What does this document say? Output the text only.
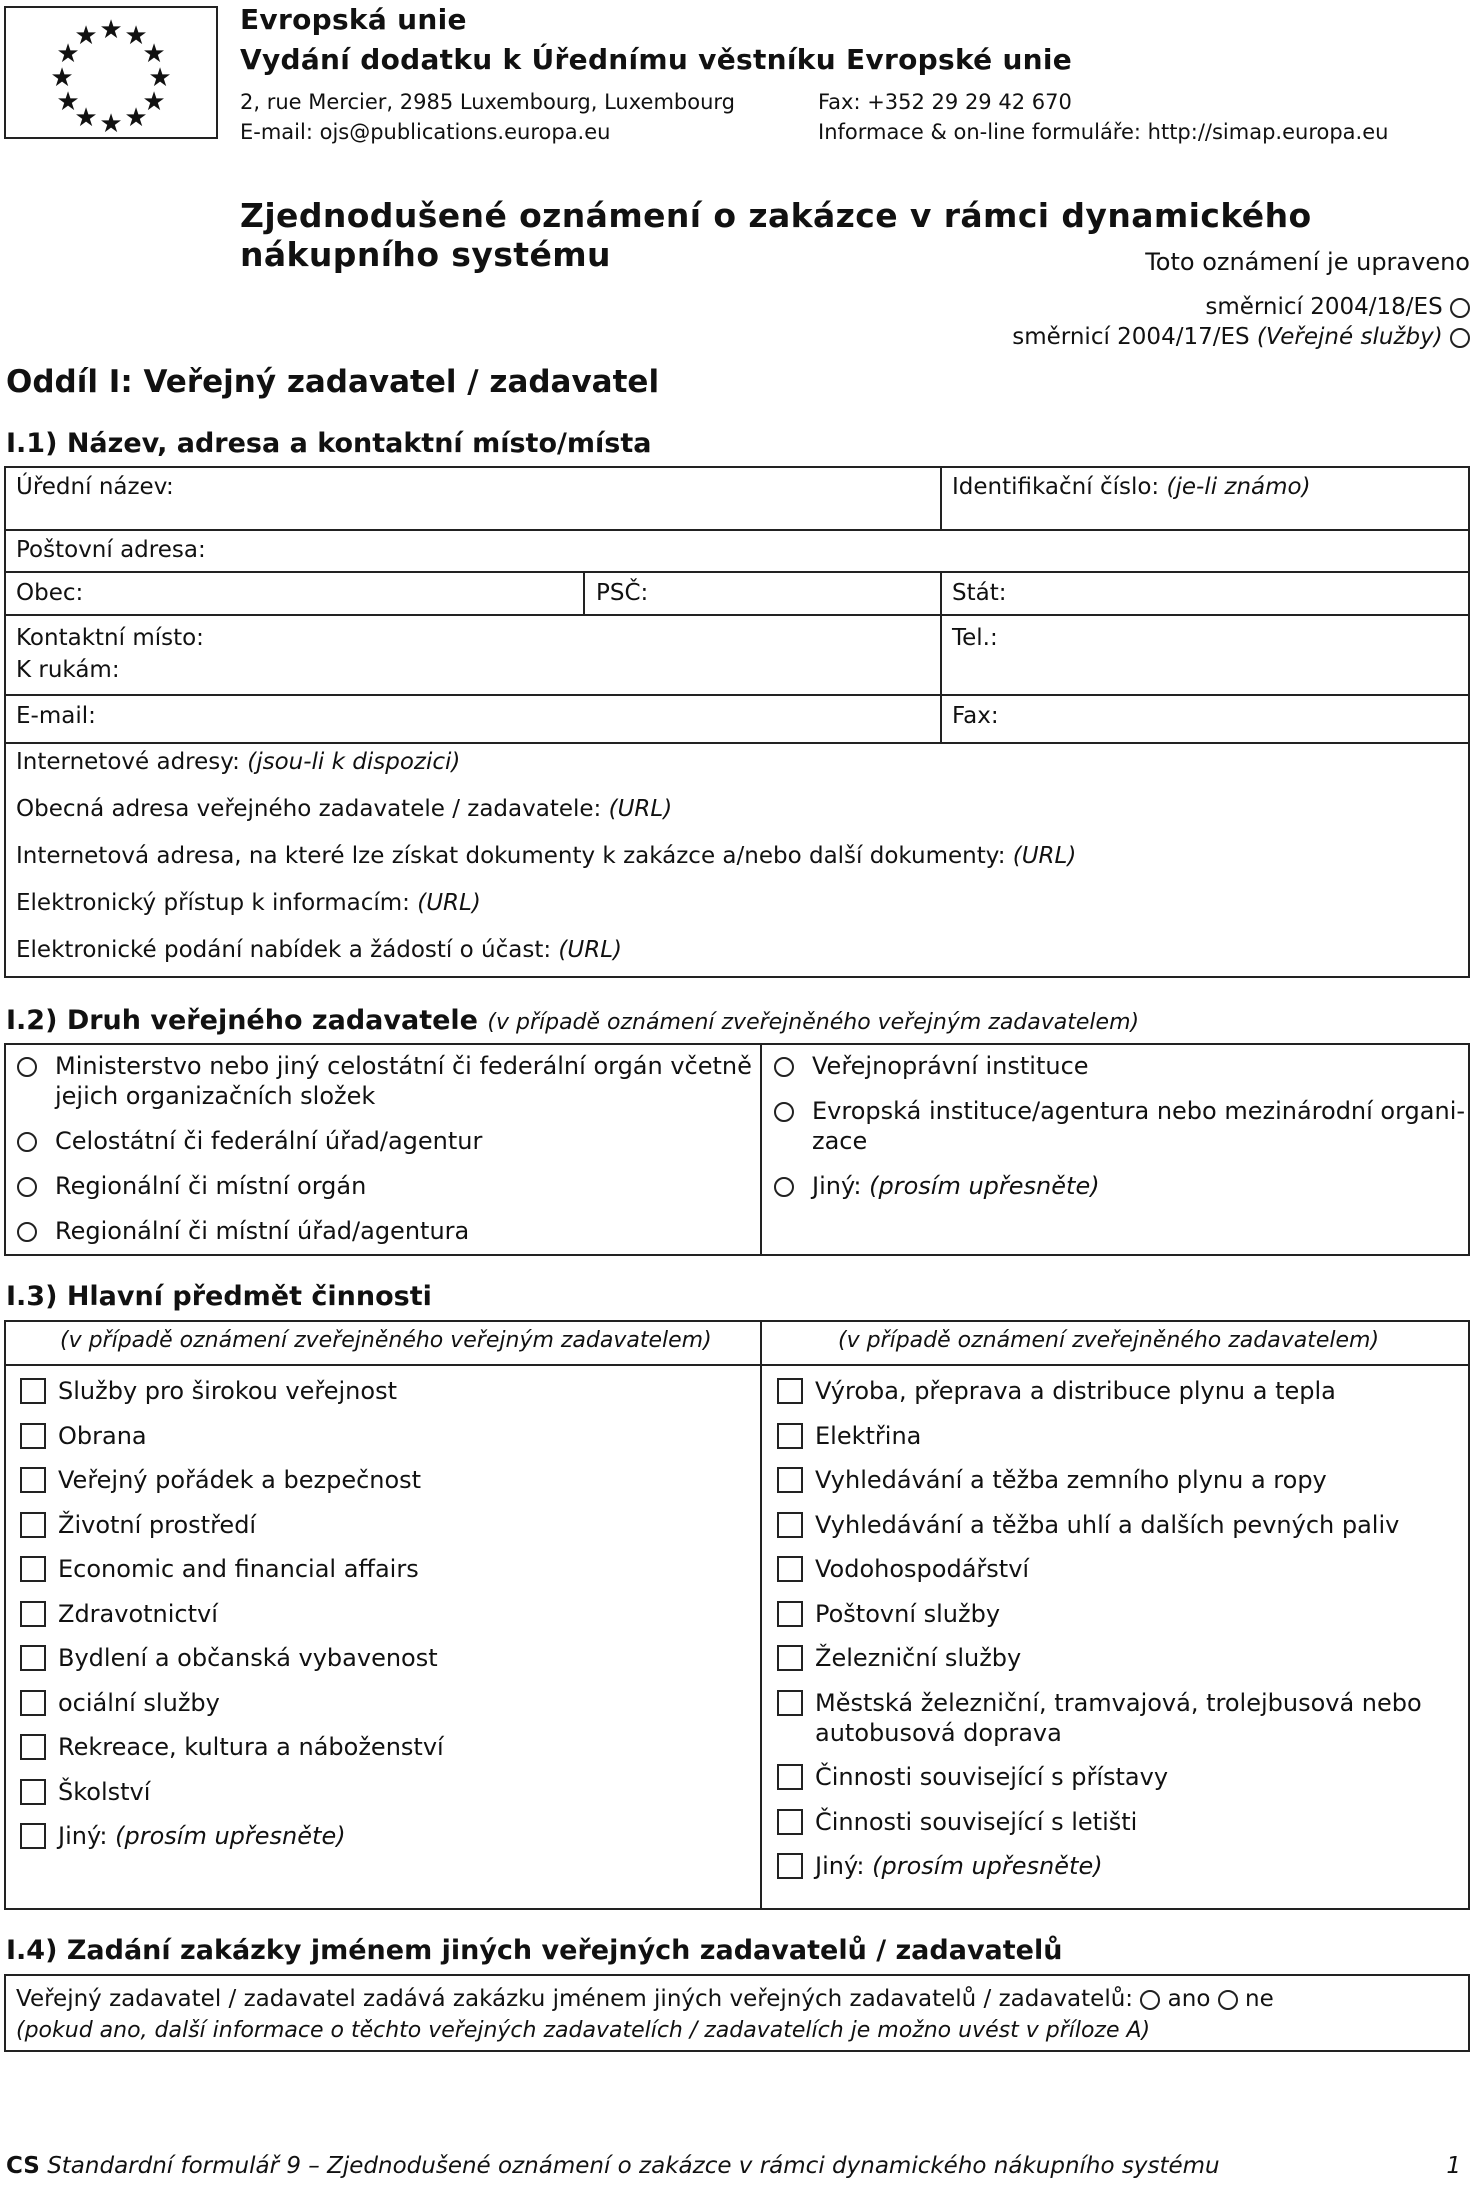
★ ★
★
★
★
★
★
★
★
★
★
★	Evropská unie
Vydání dodatku k Úřednímu věstníku Evropské unie
2, rue Mercier, 2985 Luxembourg, Luxembourg
E-mail: ojs@publications.europa.eu
Fax: +352 29 29 42 670
Informace & on-line formuláře: http://simap.europa.eu
Zjednodušené oznámení o zakázce v rámci dynamického nákupního systému	Toto oznámení je upraveno
směrnicí 2004/18/ES
směrnicí 2004/17/ES (Veřejné služby)
Oddíl I: Veřejný zadavatel / zadavatel
I.1) Název, adresa a kontaktní místo/místa
Úřední název:	Identifikační číslo: (je-li známo)
Poštovní adresa:
Obec:	PSČ:	Stát:
Kontaktní místo:
K rukám:
Tel.:
E-mail:	Fax:
Internetové adresy: (jsou-li k dispozici)
Obecná adresa veřejného zadavatele / zadavatele: (URL)
Internetová adresa, na které lze získat dokumenty k zakázce a/nebo další dokumenty: (URL)
Elektronický přístup k informacím: (URL)
Elektronické podání nabídek a žádostí o účast: (URL)
I.2) Druh veřejného zadavatele (v případě oznámení zveřejněného veřejným zadavatelem)
Ministerstvo nebo jiný celostátní či federální orgán včetně
jejich organizačních složek
Celostátní či federální úřad/agentur
Regionální či místní orgán
Regionální či místní úřad/agentura
Veřejnoprávní instituce
Evropská instituce/agentura nebo mezinárodní organi-
zace
Jiný: (prosím upřesněte)
I.3) Hlavní předmět činnosti
(v případě oznámení zveřejněného veřejným zadavatelem)	(v případě oznámení zveřejněného zadavatelem)
Služby pro širokou veřejnost
Obrana
Veřejný pořádek a bezpečnost
Životní prostředí
Economic and financial affairs
Zdravotnictví
Bydlení a občanská vybavenost
ociální služby
Rekreace, kultura a náboženství
Školství
Jiný: (prosím upřesněte)
Výroba, přeprava a distribuce plynu a tepla
Elektřina
Vyhledávání a těžba zemního plynu a ropy
Vyhledávání a těžba uhlí a dalších pevných paliv
Vodohospodářství
Poštovní služby
Železniční služby
Městská železniční, tramvajová, trolejbusová nebo
autobusová doprava
Činnosti související s přístavy
Činnosti související s letišti
Jiný: (prosím upřesněte)
I.4) Zadání zakázky jménem jiných veřejných zadavatelů / zadavatelů
Veřejný zadavatel / zadavatel zadává zakázku jménem jiných veřejných zadavatelů / zadavatelů: ano ne
(pokud ano, další informace o těchto veřejných zadavatelích / zadavatelích je možno uvést v příloze A)
CS Standardní formulář 9 – Zjednodušené oznámení o zakázce v rámci dynamického nákupního systému	1
